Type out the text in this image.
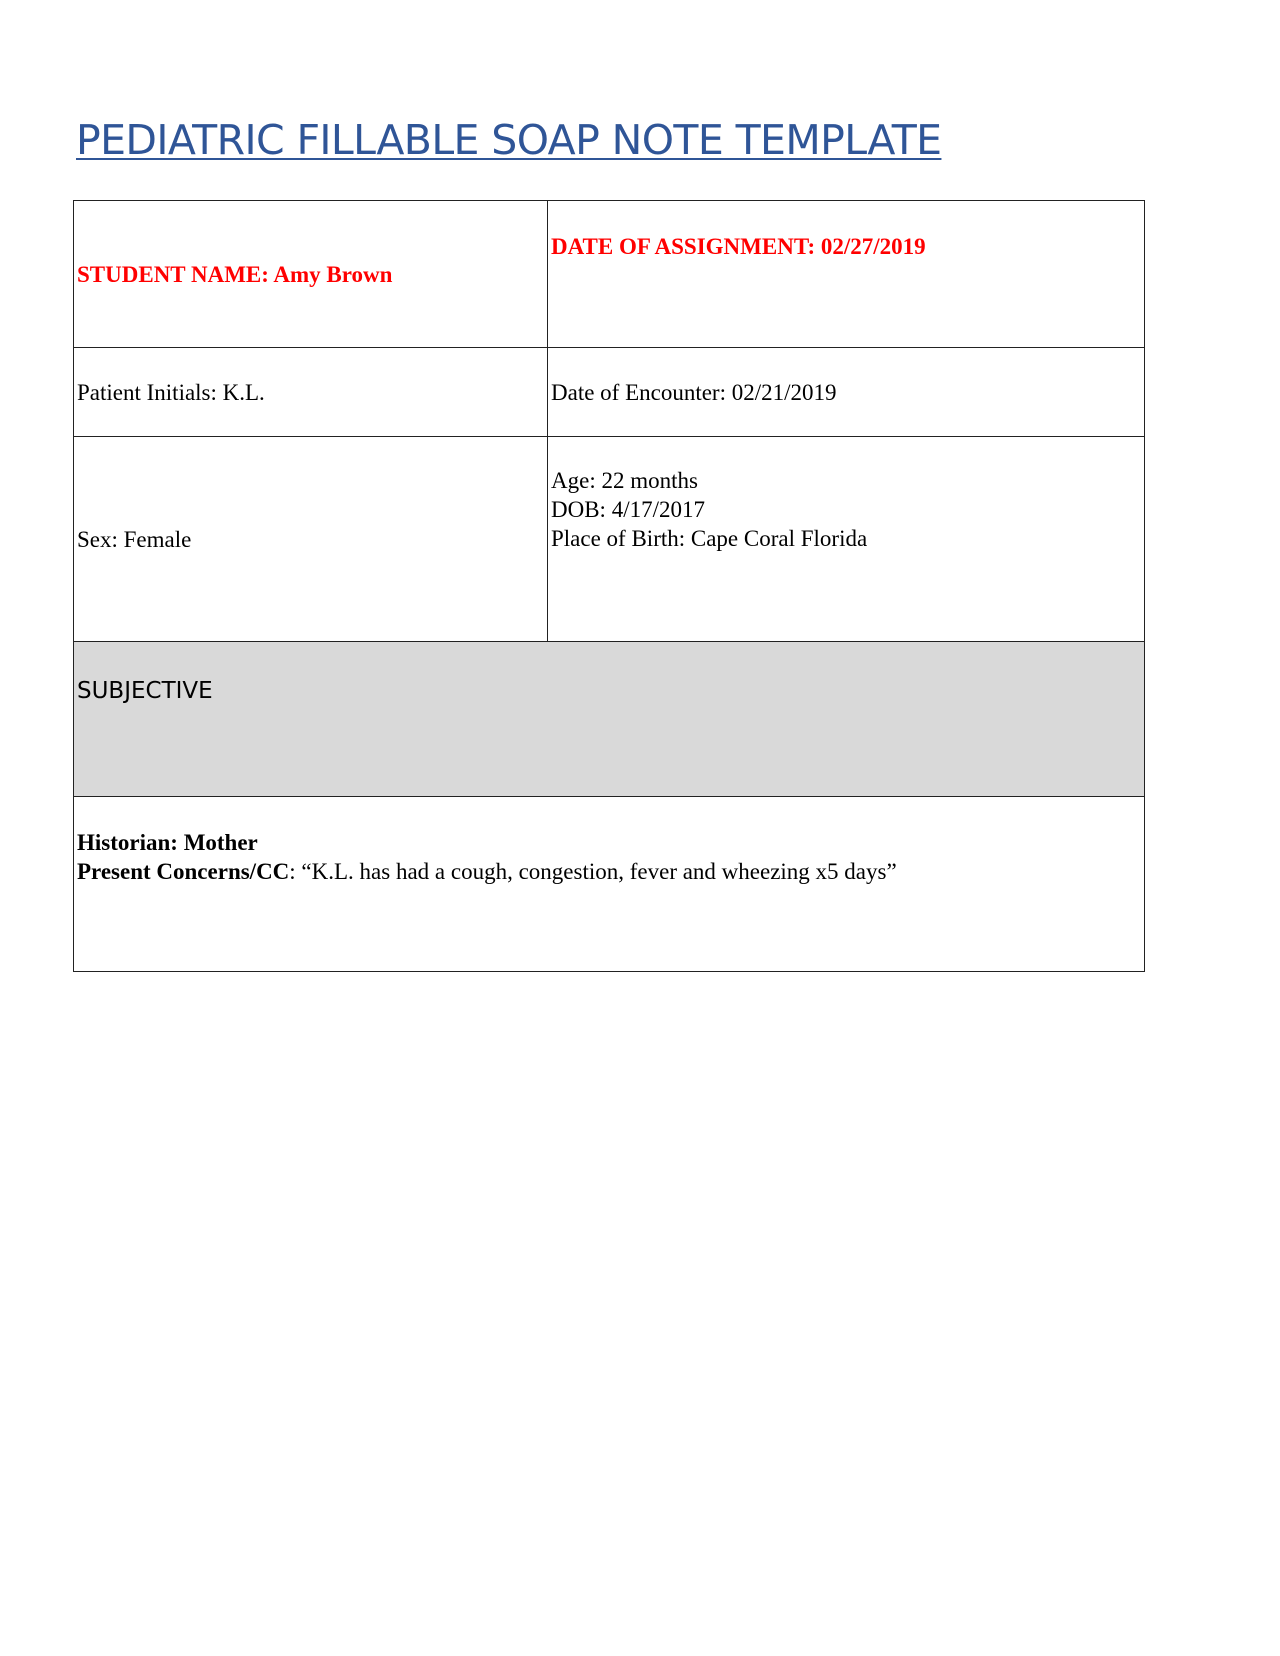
PEDIATRIC FILLABLE SOAP NOTE TEMPLATE
STUDENT NAME: Amy Brown	DATE OF ASSIGNMENT: 02/27/2019
Patient Initials: K.L.	Date of Encounter: 02/21/2019
Sex: Female	Age: 22 months
DOB: 4/17/2017
Place of Birth: Cape Coral Florida

SUBJECTIVE	

Historian: Mother
Present Concerns/CC: “K.L. has had a cough, congestion, fever and wheezing x5 days”	
